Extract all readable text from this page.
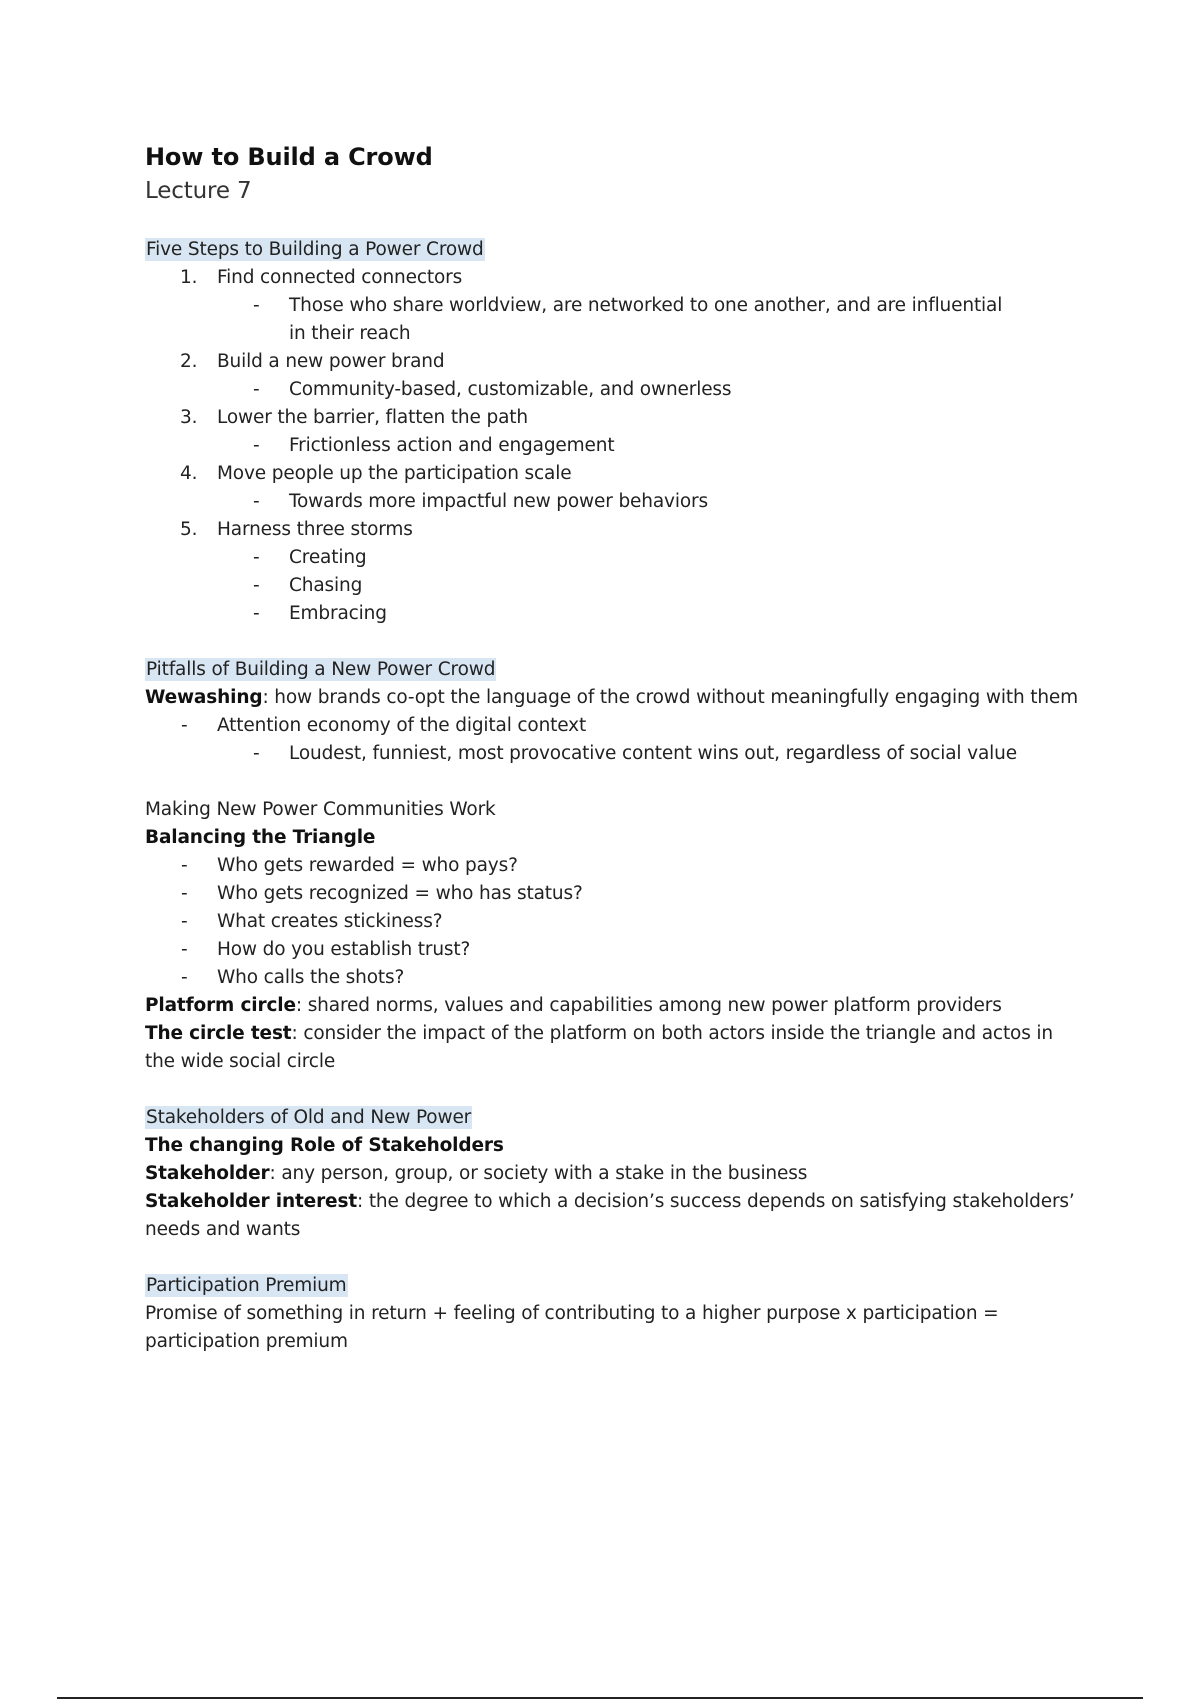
How to Build a Crowd
Lecture 7
Five Steps to Building a Power Crowd
1. Find connected connectors
- Those who share worldview, are networked to one another, and are influential
in their reach
2. Build a new power brand
- Community-based, customizable, and ownerless
3. Lower the barrier, flatten the path
- Frictionless action and engagement
4. Move people up the participation scale
- Towards more impactful new power behaviors
5. Harness three storms
- Creating
- Chasing
- Embracing
Pitfalls of Building a New Power Crowd
Wewashing: how brands co-opt the language of the crowd without meaningfully engaging with them
- Attention economy of the digital context
- Loudest, funniest, most provocative content wins out, regardless of social value
Making New Power Communities Work
Balancing the Triangle
- Who gets rewarded = who pays?
- Who gets recognized = who has status?
- What creates stickiness?
- How do you establish trust?
- Who calls the shots?
Platform circle: shared norms, values and capabilities among new power platform providers
The circle test: consider the impact of the platform on both actors inside the triangle and actos in the wide social circle
Stakeholders of Old and New Power
The changing Role of Stakeholders
Stakeholder: any person, group, or society with a stake in the business
Stakeholder interest: the degree to which a decision’s success depends on satisfying stakeholders’ needs and wants
Participation Premium
Promise of something in return + feeling of contributing to a higher purpose x participation = participation premium
